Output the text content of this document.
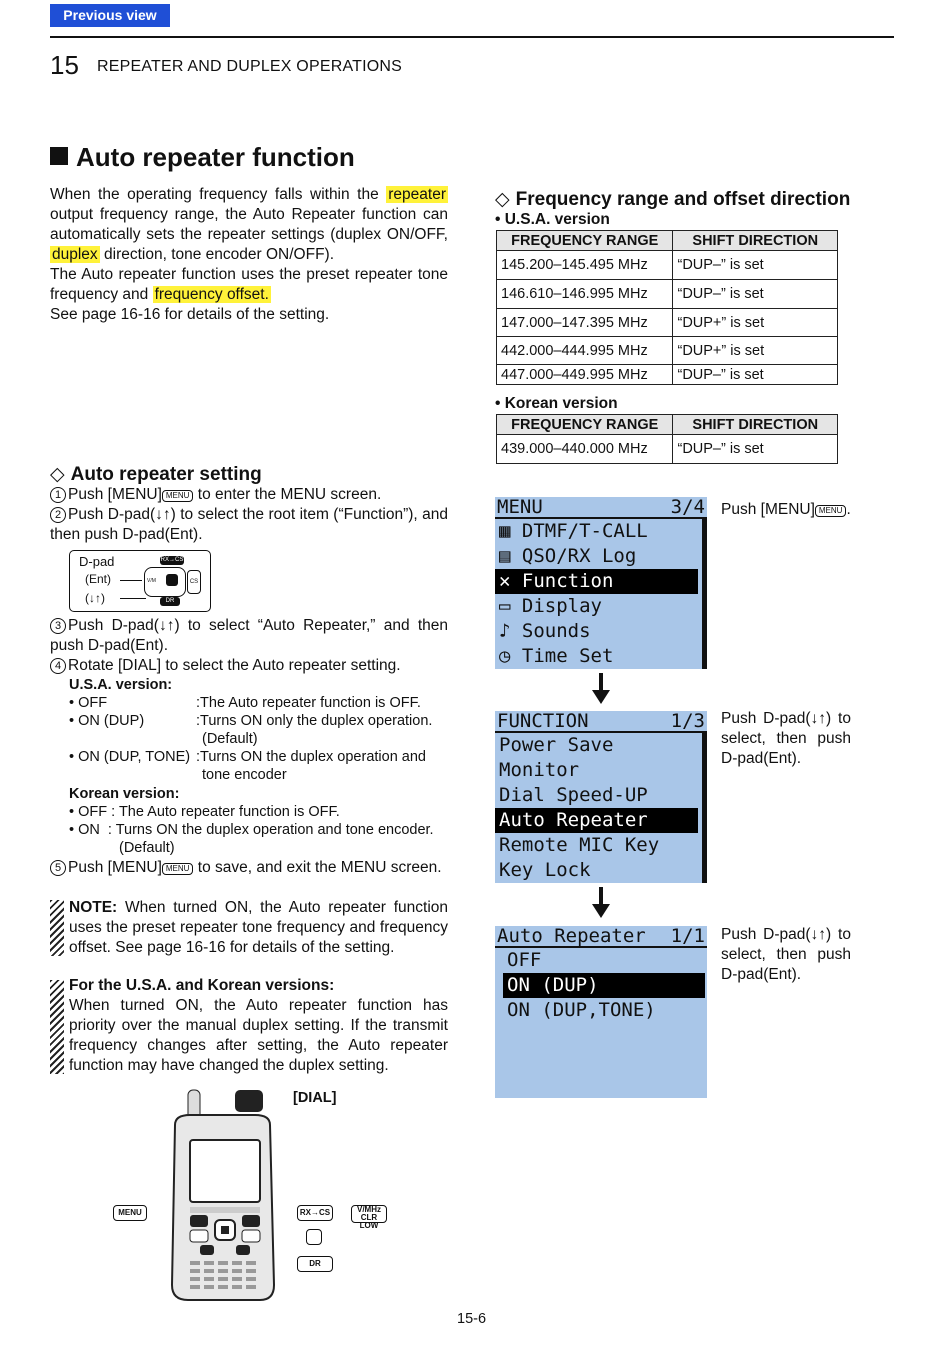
Previous view
15 REPEATER AND DUPLEX OPERATIONS
Auto repeater function
When the operating frequency falls within the repeater output frequency range, the Auto Repeater function can automatically sets the repeater settings (duplex ON/OFF, duplex direction, tone encoder ON/OFF).
The Auto repeater function uses the preset repeater tone frequency and frequency offset.
See page 16-16 for details of the setting.
◇ Auto repeater setting
1 Push [MENU] MENU to enter the MENU screen.
2 Push D-pad(↓↑) to select the root item (“Function”), and then push D-pad(Ent).
D-pad
(Ent)
(↓↑)
RX→CS
V/M	CS
DR
3 Push D-pad(↓↑) to select “Auto Repeater,” and then push D-pad(Ent).
4 Rotate [DIAL] to select the Auto repeater setting.
U.S.A. version:
• OFF	:The Auto repeater function is OFF.
• ON (DUP)	:Turns ON only the duplex operation.
(Default)
• ON (DUP, TONE) :Turns ON the duplex operation and
tone encoder
Korean version:
• OFF : The Auto repeater function is OFF.
• ON  : Turns ON the duplex operation and tone encoder.
(Default)
5 Push [MENU] MENU to save, and exit the MENU screen.
NOTE: When turned ON, the Auto repeater function uses the preset repeater tone frequency and frequency offset. See page 16-16 for details of the setting.
For the U.S.A. and Korean versions:
When turned ON, the Auto repeater function has priority over the manual duplex setting. If the transmit frequency changes after setting, the Auto repeater function may have changed the duplex setting.
[DIAL]
MENU	RX→CS	V/MHz
CLR LOW
DR
◇ Frequency range and offset direction
• U.S.A. version
FREQUENCY RANGE	SHIFT DIRECTION
145.200–145.495 MHz	“DUP–” is set
146.610–146.995 MHz	“DUP–” is set
147.000–147.395 MHz	“DUP+” is set
442.000–444.995 MHz	“DUP+” is set
447.000–449.995 MHz	“DUP–” is set
• Korean version
FREQUENCY RANGE	SHIFT DIRECTION
439.000–440.000 MHz	“DUP–” is set
MENU	3/4
▦ DTMF/T-CALL
▤ QSO/RX Log
✕ Function
▭ Display
♪ Sounds
◷ Time Set
Push [MENU] MENU .
FUNCTION	1/3
Power Save
Monitor
Dial Speed-UP
Auto Repeater
Remote MIC Key
Key Lock
Push D-pad(↓↑) to select, then push D-pad(Ent).
Auto Repeater 1/1
OFF
ON (DUP)
ON (DUP,TONE)
Push D-pad(↓↑) to select, then push D-pad(Ent).
15-6
